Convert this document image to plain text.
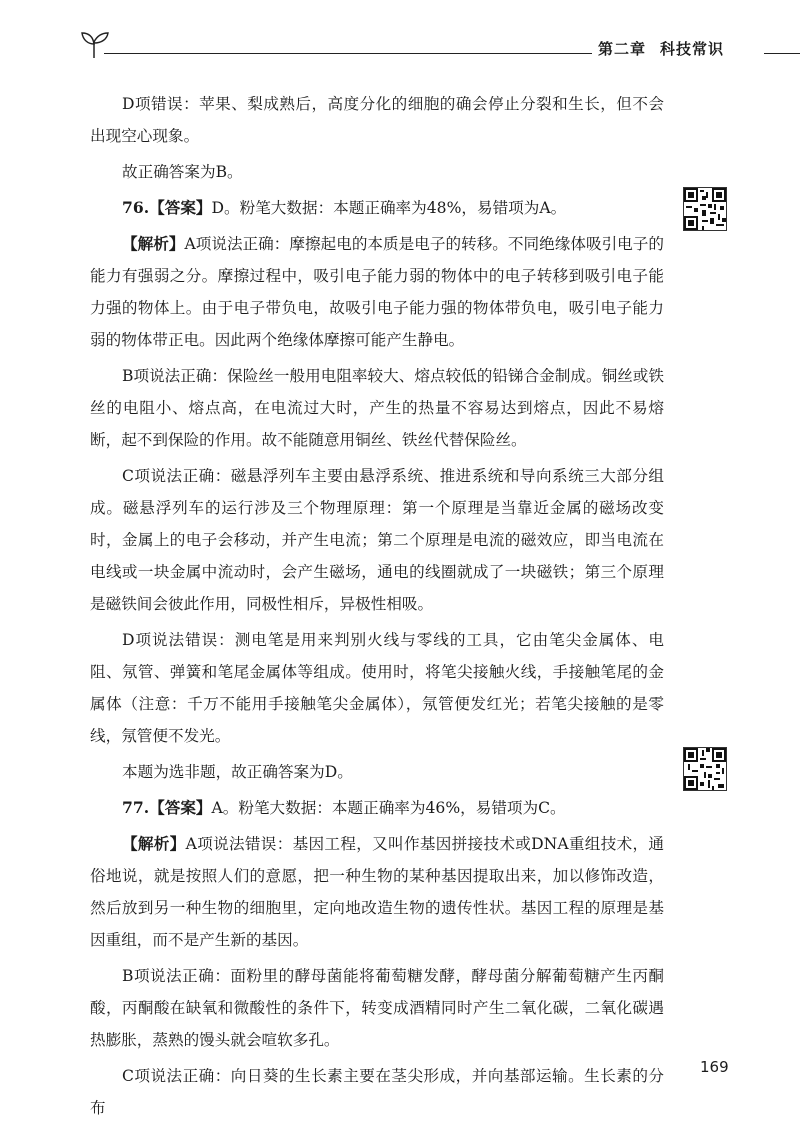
第二章 科技常识

D项错误：苹果、梨成熟后，高度分化的细胞的确会停止分裂和生长，但不会出现空心现象。

故正确答案为B。

76.【答案】D。粉笔大数据：本题正确率为48%，易错项为A。

【解析】A项说法正确：摩擦起电的本质是电子的转移。不同绝缘体吸引电子的能力有强弱之分。摩擦过程中，吸引电子能力弱的物体中的电子转移到吸引电子能力强的物体上。由于电子带负电，故吸引电子能力强的物体带负电，吸引电子能力弱的物体带正电。因此两个绝缘体摩擦可能产生静电。

B项说法正确：保险丝一般用电阻率较大、熔点较低的铅锑合金制成。铜丝或铁丝的电阻小、熔点高，在电流过大时，产生的热量不容易达到熔点，因此不易熔断，起不到保险的作用。故不能随意用铜丝、铁丝代替保险丝。

C项说法正确：磁悬浮列车主要由悬浮系统、推进系统和导向系统三大部分组成。磁悬浮列车的运行涉及三个物理原理：第一个原理是当靠近金属的磁场改变时，金属上的电子会移动，并产生电流；第二个原理是电流的磁效应，即当电流在电线或一块金属中流动时，会产生磁场，通电的线圈就成了一块磁铁；第三个原理是磁铁间会彼此作用，同极性相斥，异极性相吸。

D项说法错误：测电笔是用来判别火线与零线的工具，它由笔尖金属体、电阻、氖管、弹簧和笔尾金属体等组成。使用时，将笔尖接触火线，手接触笔尾的金属体（注意：千万不能用手接触笔尖金属体），氖管便发红光；若笔尖接触的是零线，氖管便不发光。

本题为选非题，故正确答案为D。

77.【答案】A。粉笔大数据：本题正确率为46%，易错项为C。

【解析】A项说法错误：基因工程，又叫作基因拼接技术或DNA重组技术，通俗地说，就是按照人们的意愿，把一种生物的某种基因提取出来，加以修饰改造，然后放到另一种生物的细胞里，定向地改造生物的遗传性状。基因工程的原理是基因重组，而不是产生新的基因。

B项说法正确：面粉里的酵母菌能将葡萄糖发酵，酵母菌分解葡萄糖产生丙酮酸，丙酮酸在缺氧和微酸性的条件下，转变成酒精同时产生二氧化碳，二氧化碳遇热膨胀，蒸熟的馒头就会喧软多孔。

C项说法正确：向日葵的生长素主要在茎尖形成，并向基部运输。生长素的分布

169
